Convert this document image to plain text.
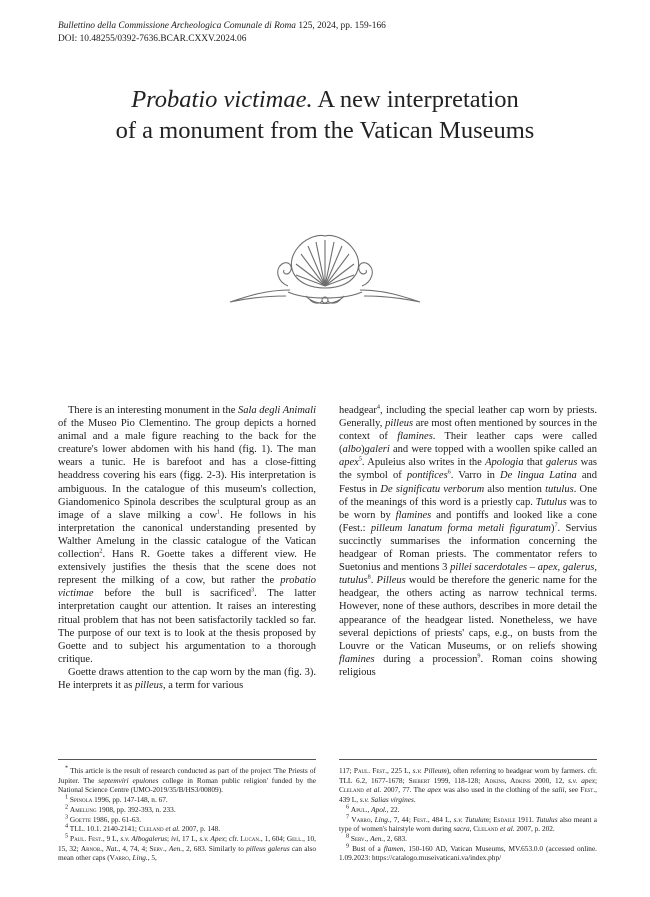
Bullettino della Commissione Archeologica Comunale di Roma 125, 2024, pp. 159-166
DOI: 10.48255/0392-7636.BCAR.CXXV.2024.06
Probatio victimae. A new interpretation
of a monument from the Vatican Museums

There is an interesting monument in the Sala degli Animali of the Museo Pio Clementino. The group depicts a horned animal and a male figure reaching to the back for the creature's lower abdomen with his hand (fig. 1). The man wears a tunic. He is barefoot and has a close-fitting headdress covering his ears (figg. 2-3). His interpretation is ambiguous. In the catalogue of this museum's collection, Giandomenico Spinola describes the sculptural group as an image of a slave milking a cow$^1$. He follows in his interpretation the canonical understanding presented by Walther Amelung in the classic catalogue of the Vatican collection$^2$. Hans R. Goette takes a different view. He extensively justifies the thesis that the scene does not represent the milking of a cow, but rather the probatio victimae before the bull is sacrificed$^3$. The latter interpretation caught our attention. It raises an interesting ritual problem that has not been satisfactorily tackled so far. The purpose of our text is to look at the thesis proposed by Goette and to subject his argumentation to a thorough critique.

Goette draws attention to the cap worn by the man (fig. 3). He interprets it as pilleus, a term for various

headgear$^4$, including the special leather cap worn by priests. Generally, pilleus are most often mentioned by sources in the context of flamines. Their leather caps were called (albo)galeri and were topped with a woollen spike called an apex$^5$. Apuleius also writes in the Apologia that galerus was the symbol of pontifices$^6$. Varro in De lingua Latina and Festus in De significatu verborum also mention tutulus. One of the meanings of this word is a priestly cap. Tutulus was to be worn by flamines and pontiffs and looked like a cone (Fest.: pilleum lanatum forma metali figuratum)$^7$. Servius succinctly summarises the information concerning the headgear of Roman priests. The commentator refers to Suetonius and mentions 3 pillei sacerdotales – apex, galerus, tutulus$^8$. Pilleus would be therefore the generic name for the headgear, the others acting as narrow technical terms. However, none of these authors, describes in more detail the appearance of the headgear listed. Nonetheless, we have several depictions of priests' caps, e.g., on busts from the Louvre or the Vatican Museums, or on reliefs showing flamines during a procession$^9$. Roman coins showing religious

* This article is the result of research conducted as part of the project 'The Priests of Jupiter. The septemviri epulones college in Roman public religion' funded by the National Science Centre (UMO-2019/35/B/HS3/00809).
$^1$ Spinola 1996, pp. 147-148, n. 67.
$^2$ Amelung 1908, pp. 392-393, n. 233.
$^3$ Goette 1986, pp. 61-63.
$^4$ TLL. 10.1. 2140-2141; Cleland et al. 2007, p. 148.
$^5$ Paul. Fest., 9 L, s.v. Albogalerus; ivi, 17 L, s.v. Apex; cfr. Lucan., 1, 604; Gell., 10, 15, 32; Arnob., Nat., 4, 74, 4; Serv., Aen., 2, 683. Similarly to pilleus galerus can also mean other caps (Varro, Ling., 5,
117; Paul. Fest., 225 L, s.v. Pilleum), often referring to headgear worn by farmers. cfr. TLL 6.2, 1677-1678; Siebert 1999, 118-128; Adkins, Adkins 2000, 12, s.v. apex; Cleland et al. 2007, 77. The apex was also used in the clothing of the salii, see Fest., 439 L, s.v. Salias virgines.
$^6$ Apul., Apol., 22.
$^7$ Varro, Ling., 7, 44; Fest., 484 L, s.v. Tutulum; Esdaile 1911. Tutulus also meant a type of women's hairstyle worn during sacra, Cleland et al. 2007, p. 202.
$^8$ Serv., Aen., 2, 683.
$^9$ Bust of a flamen, 150-160 AD, Vatican Museums, MV.653.0.0 (accessed online. 1.09.2023: https://catalogo.museivaticani.va/index.php/
